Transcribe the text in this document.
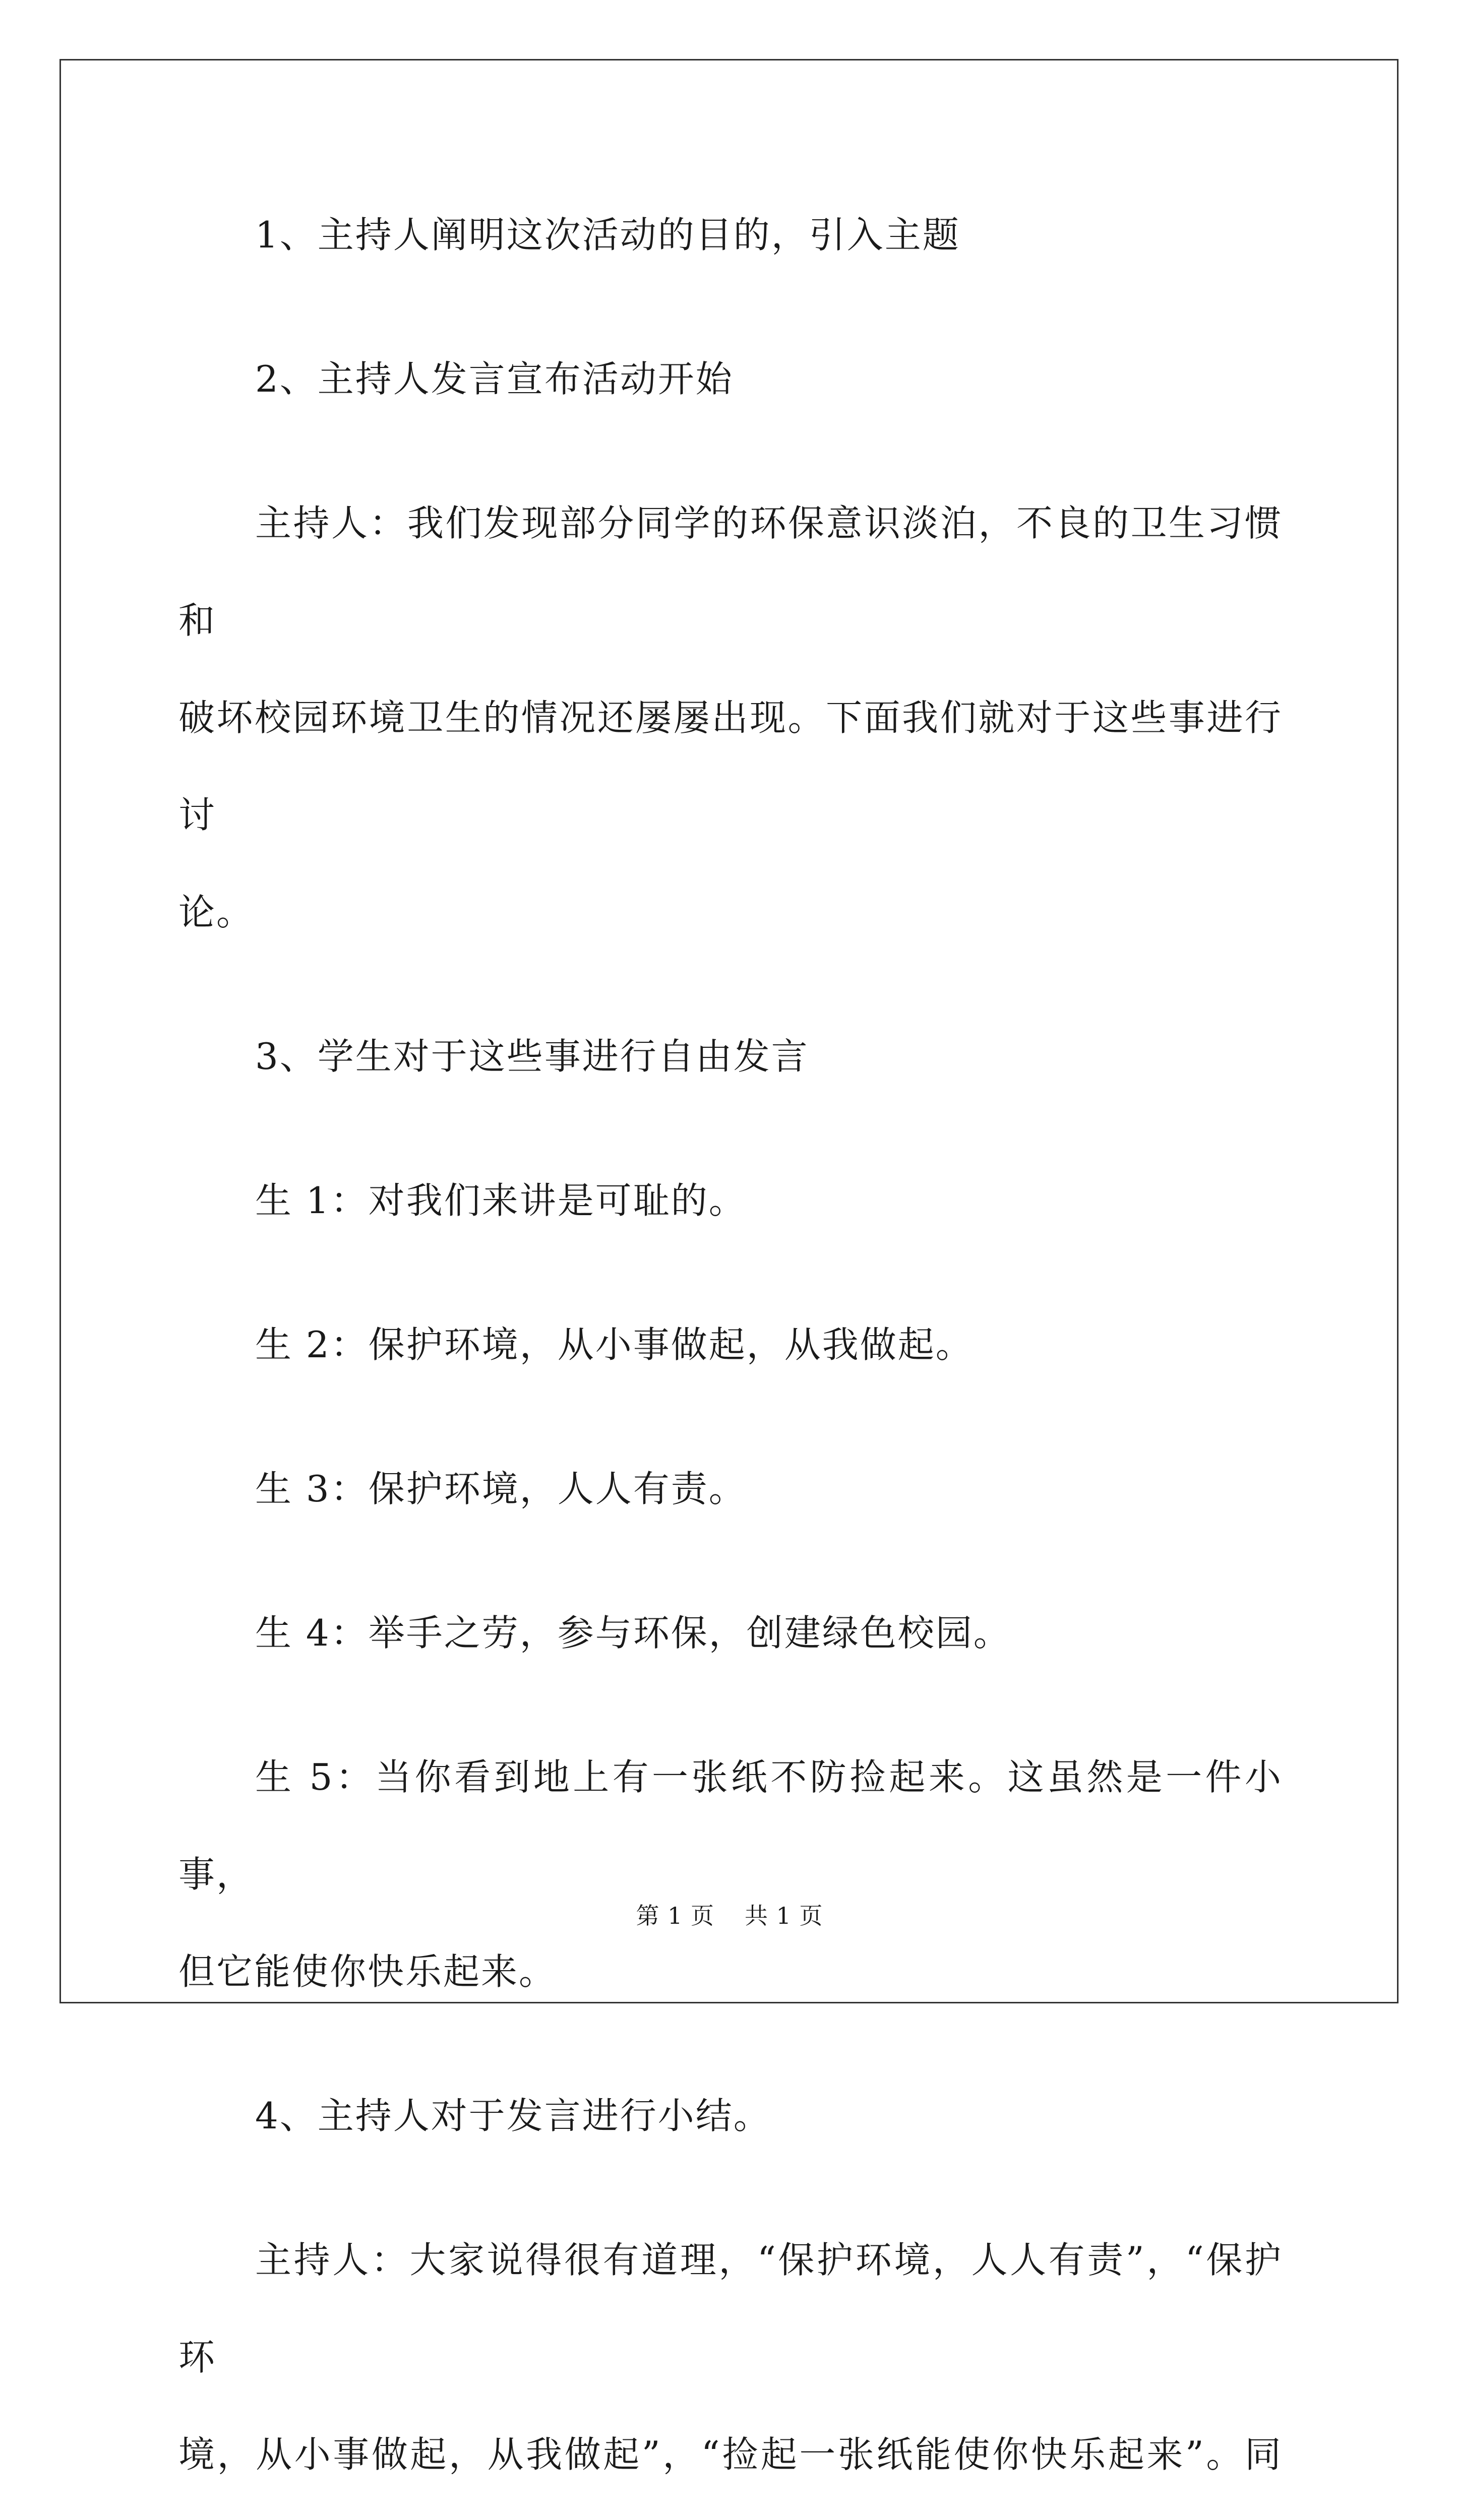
1、主持人阐明这次活动的目的，引入主题

2、主持人发言宣布活动开始

主持人：我们发现部分同学的环保意识淡泊，不良的卫生习惯和
破坏校园环境卫生的情况还屡屡出现。下面我们就对于这些事进行讨
论。

3、学生对于这些事进行自由发言

生 1：对我们来讲是可耻的。

生 2：保护环境，从小事做起，从我做起。

生 3：保护环境，人人有责。

生 4：举手之劳，参与环保，创建绿色校园。

生 5：当你看到地上有一张纸不防捡起来。这虽然是一件小事，
但它能使你快乐起来。

4、主持人对于发言进行小结。

主持人：大家说得很有道理，“保护环境，人人有责”，“保护环
境，从小事做起，从我做起”，“捡起一张纸能使你快乐起来”。同

第 1 页 共 1 页
